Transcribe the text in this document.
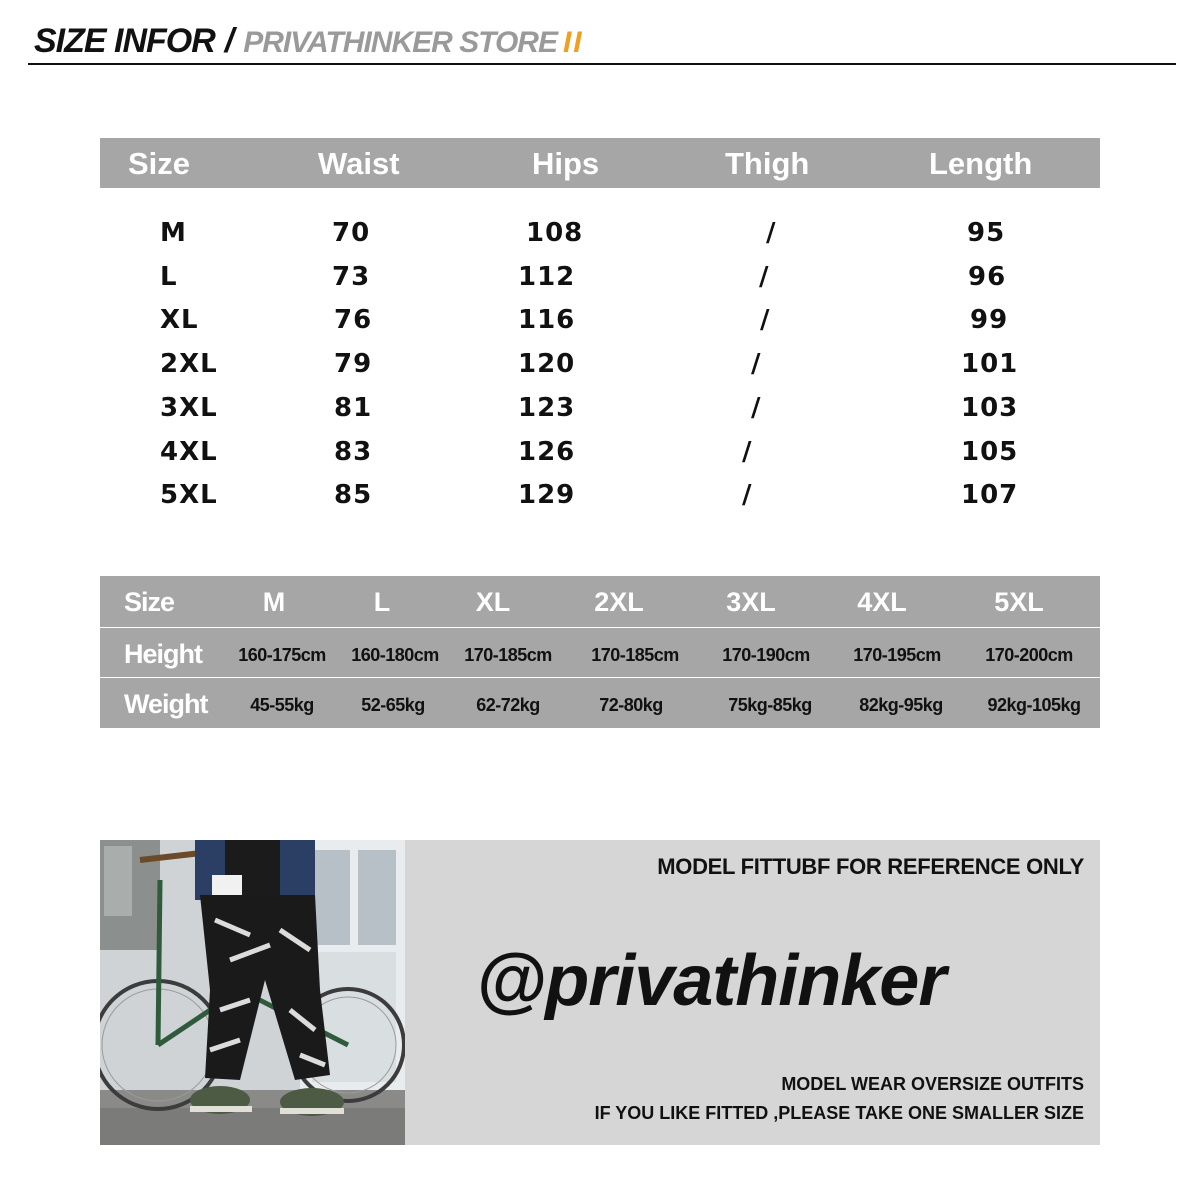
SIZE INFOR / PRIVATHINKER STORE II
Size	Waist	Hips	Thigh	Length
M	70	108	/	95
L	73	112	/	96
XL	76	116	/	99
2XL	79	120	/	101
3XL	81	123	/	103
4XL	83	126	/	105
5XL	85	129	/	107
Size	M	L	XL	2XL	3XL	4XL	5XL
Height 160-175cm 160-180cm 170-185cm 170-185cm 170-190cm 170-195cm 170-200cm
Weight 45-55kg	52-65kg	62-72kg	72-80kg	75kg-85kg	82kg-95kg 92kg-105kg
MODEL FITTUBF FOR REFERENCE ONLY
@privathinker
MODEL WEAR OVERSIZE OUTFITS
IF YOU LIKE FITTED ,PLEASE TAKE ONE SMALLER SIZE
